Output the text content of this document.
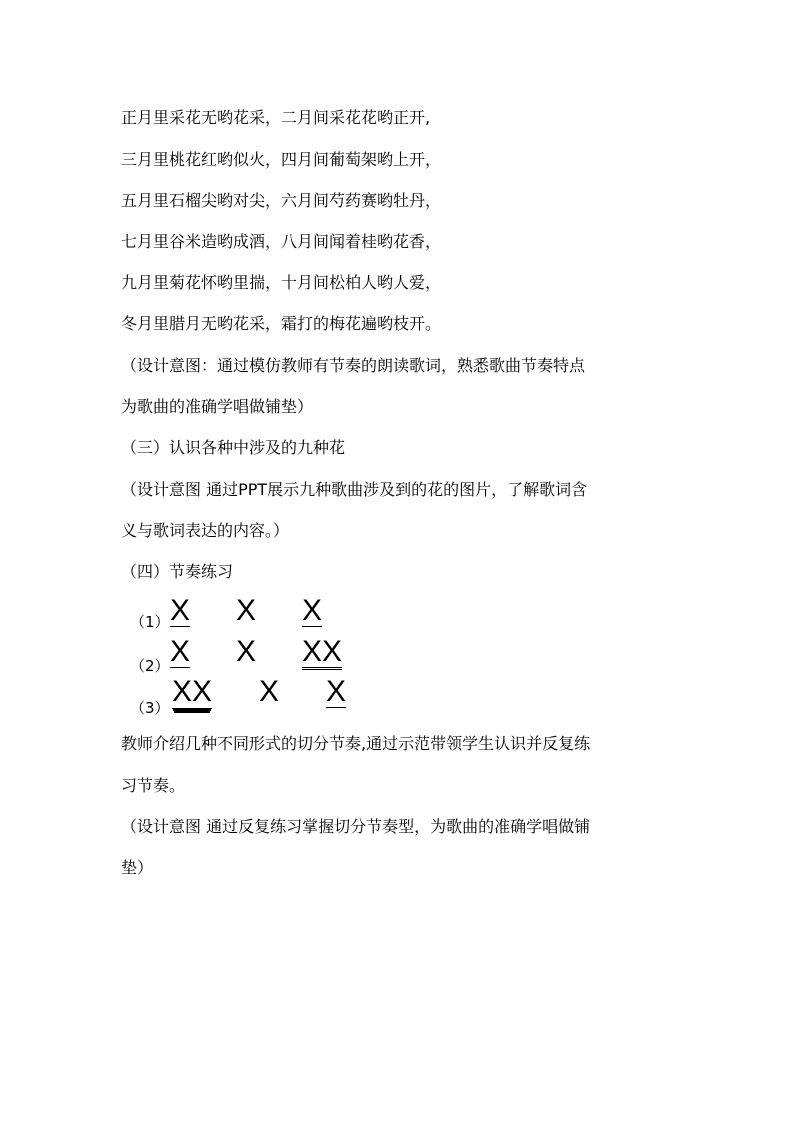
正月里采花无哟花采，二月间采花花哟正开,
三月里桃花红哟似火，四月间葡萄架哟上开，
五月里石榴尖哟对尖，六月间芍药赛哟牡丹，
七月里谷米造哟成酒，八月间闻着桂哟花香，
九月里菊花怀哟里揣，十月间松柏人哟人爱，
冬月里腊月无哟花采，霜打的梅花遍哟枝开。
（设计意图：通过模仿教师有节奏的朗读歌词，熟悉歌曲节奏特点
为歌曲的准确学唱做铺垫）
（三）认识各种中涉及的九种花
（设计意图 通过PPT展示九种歌曲涉及到的花的图片，了解歌词含
义与歌词表达的内容。）
（四）节奏练习
（1） X X X
（2） X X XX
（3） XX X X
教师介绍几种不同形式的切分节奏,通过示范带领学生认识并反复练
习节奏。
（设计意图 通过反复练习掌握切分节奏型，为歌曲的准确学唱做铺
垫）
